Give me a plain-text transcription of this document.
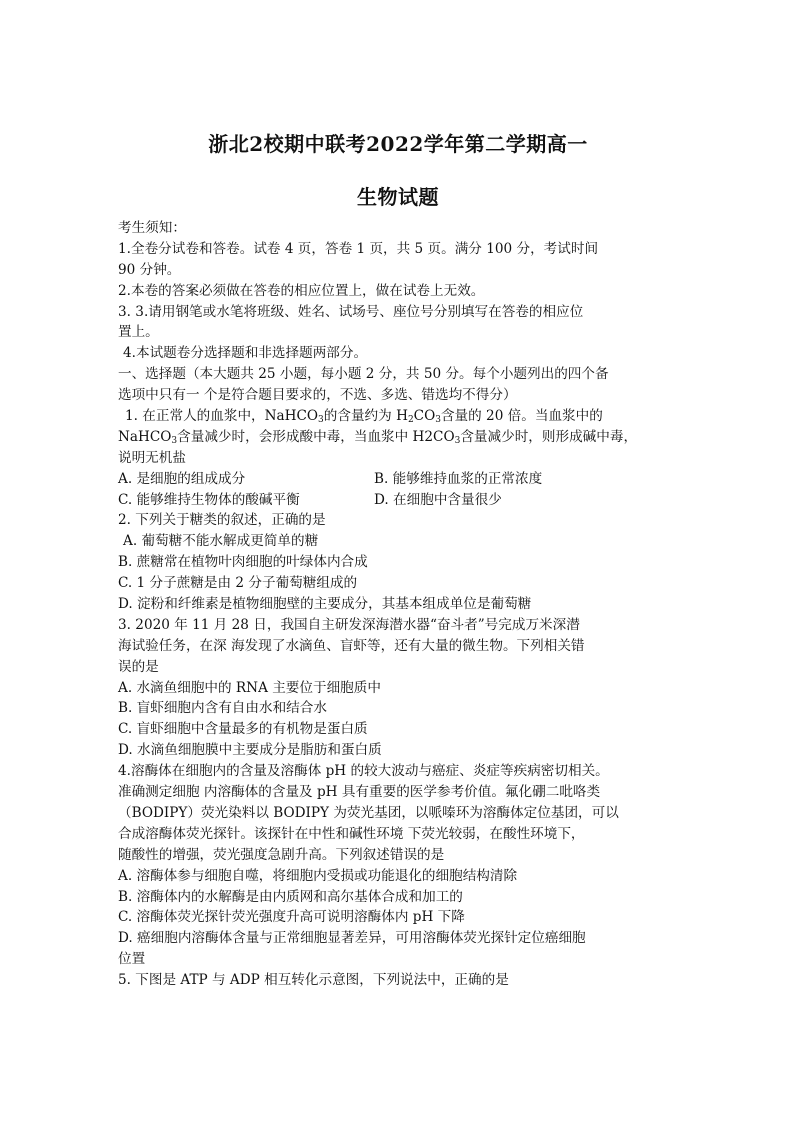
浙北2校期中联考2022学年第二学期高一
生物试题
考生须知：
1.全卷分试卷和答卷。试卷 4 页，答卷 1 页，共 5 页。满分 100 分，考试时间
90 分钟。
2.本卷的答案必须做在答卷的相应位置上，做在试卷上无效。
3. 3.请用钢笔或水笔将班级、姓名、试场号、座位号分别填写在答卷的相应位
置上。
4.本试题卷分选择题和非选择题两部分。
一、选择题（本大题共 25 小题，每小题 2 分，共 50 分。每个小题列出的四个备
选项中只有一 个是符合题目要求的，不选、多选、错选均不得分）
1. 在正常人的血浆中，NaHCO$_3$的含量约为 $H_2CO_3$含量的 20 倍。当血浆中的
NaHCO$_3$含量减少时，会形成酸中毒，当血浆中 $H2CO_3$含量减少时，则形成碱中毒，
说明无机盐
A. 是细胞的组成成分	B. 能够维持血浆的正常浓度
C. 能够维持生物体的酸碱平衡	D. 在细胞中含量很少
2. 下列关于糖类的叙述，正确的是
A. 葡萄糖不能水解成更简单的糖
B. 蔗糖常在植物叶肉细胞的叶绿体内合成
C. 1 分子蔗糖是由 2 分子葡萄糖组成的
D. 淀粉和纤维素是植物细胞壁的主要成分，其基本组成单位是葡萄糖
3. 2020 年 11 月 28 日，我国自主研发深海潜水器“奋斗者”号完成万米深潜
海试验任务，在深 海发现了水滴鱼、盲虾等，还有大量的微生物。下列相关错
误的是
A. 水滴鱼细胞中的 RNA 主要位于细胞质中
B. 盲虾细胞内含有自由水和结合水
C. 盲虾细胞中含量最多的有机物是蛋白质
D. 水滴鱼细胞膜中主要成分是脂肪和蛋白质
4.溶酶体在细胞内的含量及溶酶体 pH 的较大波动与癌症、炎症等疾病密切相关。
准确测定细胞 内溶酶体的含量及 pH 具有重要的医学参考价值。氟化硼二吡咯类
（BODIPY）荧光染料以 BODIPY 为荧光基团，以哌嗪环为溶酶体定位基团，可以
合成溶酶体荧光探针。该探针在中性和碱性环境 下荧光较弱，在酸性环境下，
随酸性的增强，荧光强度急剧升高。下列叙述错误的是
A. 溶酶体参与细胞自噬，将细胞内受损或功能退化的细胞结构清除
B. 溶酶体内的水解酶是由内质网和高尔基体合成和加工的
C. 溶酶体荧光探针荧光强度升高可说明溶酶体内 pH 下降
D. 癌细胞内溶酶体含量与正常细胞显著差异，可用溶酶体荧光探针定位癌细胞
位置
5. 下图是 ATP 与 ADP 相互转化示意图，下列说法中，正确的是
